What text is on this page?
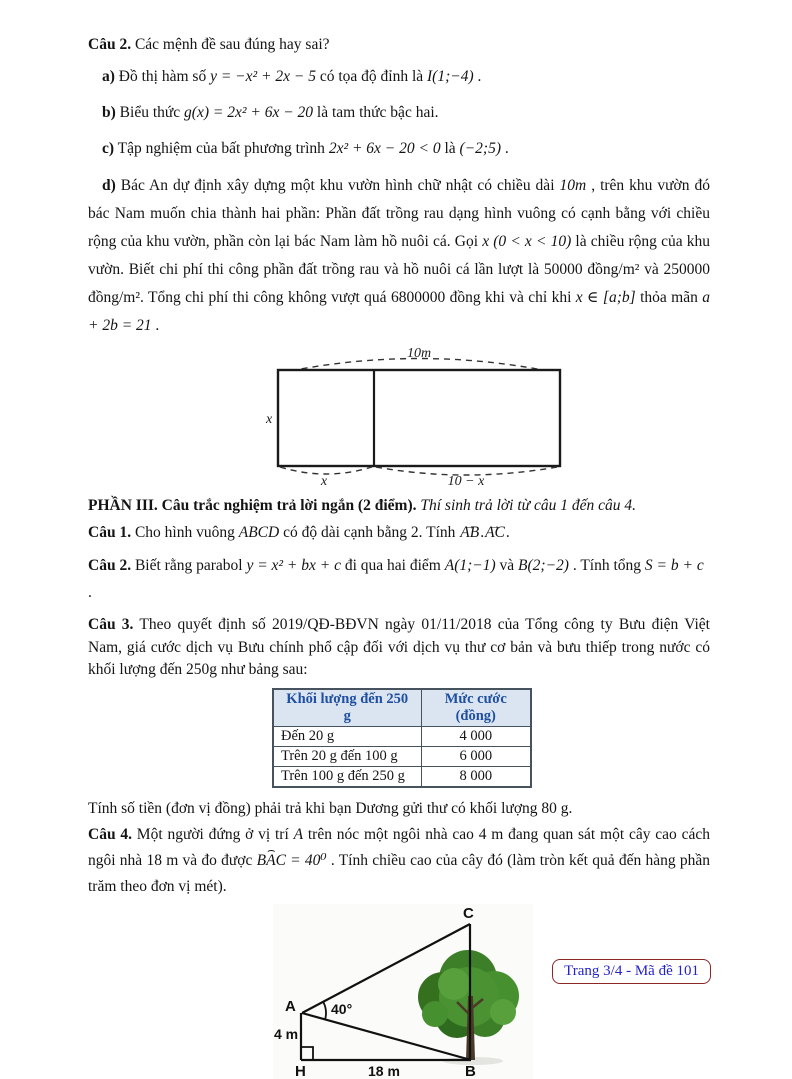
Câu 2. Các mệnh đề sau đúng hay sai?

a) Đồ thị hàm số y = −x² + 2x − 5 có tọa độ đỉnh là I(1;−4) .

b) Biểu thức g(x) = 2x² + 6x − 20 là tam thức bậc hai.

c) Tập nghiệm của bất phương trình 2x² + 6x − 20 < 0 là (−2;5) .

d) Bác An dự định xây dựng một khu vườn hình chữ nhật có chiều dài 10m , trên khu vườn đó bác Nam muốn chia thành hai phần: Phần đất trồng rau dạng hình vuông có cạnh bằng với chiều rộng của khu vườn, phần còn lại bác Nam làm hồ nuôi cá. Gọi x (0 < x < 10) là chiều rộng của khu vườn. Biết chi phí thi công phần đất trồng rau và hồ nuôi cá lần lượt là 50000 đồng/m² và 250000 đồng/m². Tổng chi phí thi công không vượt quá 6800000 đồng khi và chỉ khi x ∈ [a;b] thỏa mãn a + 2b = 21 .

10m
x
x	10 − x

PHẦN III. Câu trắc nghiệm trả lời ngắn (2 điểm). Thí sinh trả lời từ câu 1 đến câu 4.

Câu 1. Cho hình vuông ABCD có độ dài cạnh bằng 2. Tính → AB.→ AC.

Câu 2. Biết rằng parabol y = x² + bx + c đi qua hai điểm A(1;−1) và B(2;−2) . Tính tổng S = b + c .

Câu 3. Theo quyết định số 2019/QĐ-BĐVN ngày 01/11/2018 của Tổng công ty Bưu điện Việt Nam, giá cước dịch vụ Bưu chính phổ cập đối với dịch vụ thư cơ bản và bưu thiếp trong nước có khối lượng đến 250g như bảng sau:

Khối lượng đến 250 g	Mức cước (đồng)
Đến 20 g	4 000
Trên 20 g đến 100 g	6 000
Trên 100 g đến 250 g	8 000

Tính số tiền (đơn vị đồng) phải trả khi bạn Dương gửi thư có khối lượng 80 g.

Câu 4. Một người đứng ở vị trí A trên nóc một ngôi nhà cao 4 m đang quan sát một cây cao cách ngôi nhà 18 m và đo được ⌢ BAC = 40⁰ . Tính chiều cao của cây đó (làm tròn kết quả đến hàng phần trăm theo đơn vị mét).

A
H	B
C
40°
4 m
18 m
Trang 3/4 - Mã đề 101
